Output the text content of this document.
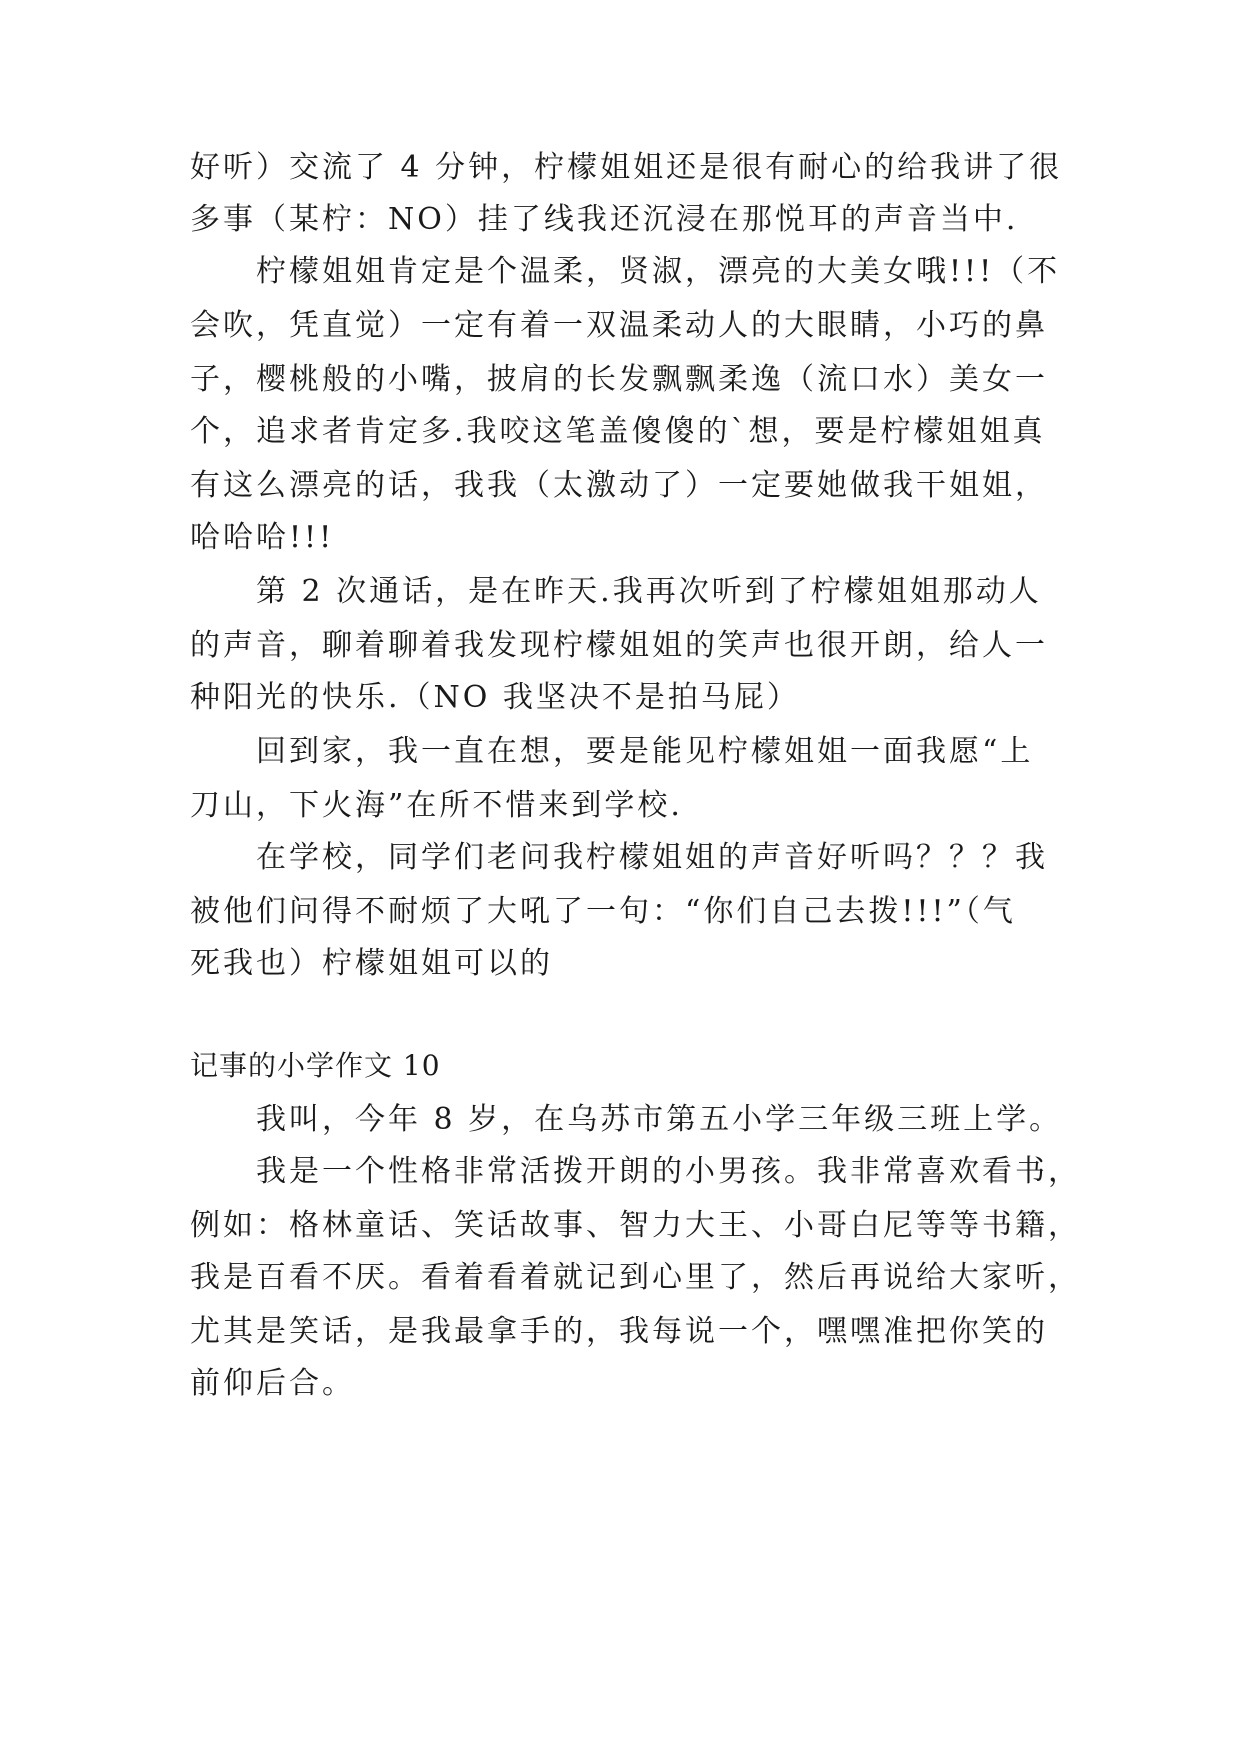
好听）交流了 4 分钟，柠檬姐姐还是很有耐心的给我讲了很
多事（某柠：NO）挂了线我还沉浸在那悦耳的声音当中.
柠檬姐姐肯定是个温柔，贤淑，漂亮的大美女哦!!!（不
会吹，凭直觉）一定有着一双温柔动人的大眼睛，小巧的鼻
子，樱桃般的小嘴，披肩的长发飘飘柔逸（流口水）美女一
个，追求者肯定多.我咬这笔盖傻傻的`想，要是柠檬姐姐真
有这么漂亮的话，我我（太激动了）一定要她做我干姐姐，
哈哈哈!!!
第 2 次通话，是在昨天.我再次听到了柠檬姐姐那动人
的声音，聊着聊着我发现柠檬姐姐的笑声也很开朗，给人一
种阳光的快乐.（NO 我坚决不是拍马屁）
回到家，我一直在想，要是能见柠檬姐姐一面我愿“上
刀山，下火海”在所不惜来到学校.
在学校，同学们老问我柠檬姐姐的声音好听吗？？？我
被他们问得不耐烦了大吼了一句：“你们自己去拨!!!”（气
死我也）柠檬姐姐可以的
记事的小学作文 10
我叫，今年 8 岁，在乌苏市第五小学三年级三班上学。
我是一个性格非常活拨开朗的小男孩。我非常喜欢看书，
例如：格林童话、笑话故事、智力大王、小哥白尼等等书籍，
我是百看不厌。看着看着就记到心里了，然后再说给大家听，
尤其是笑话，是我最拿手的，我每说一个，嘿嘿准把你笑的
前仰后合。
